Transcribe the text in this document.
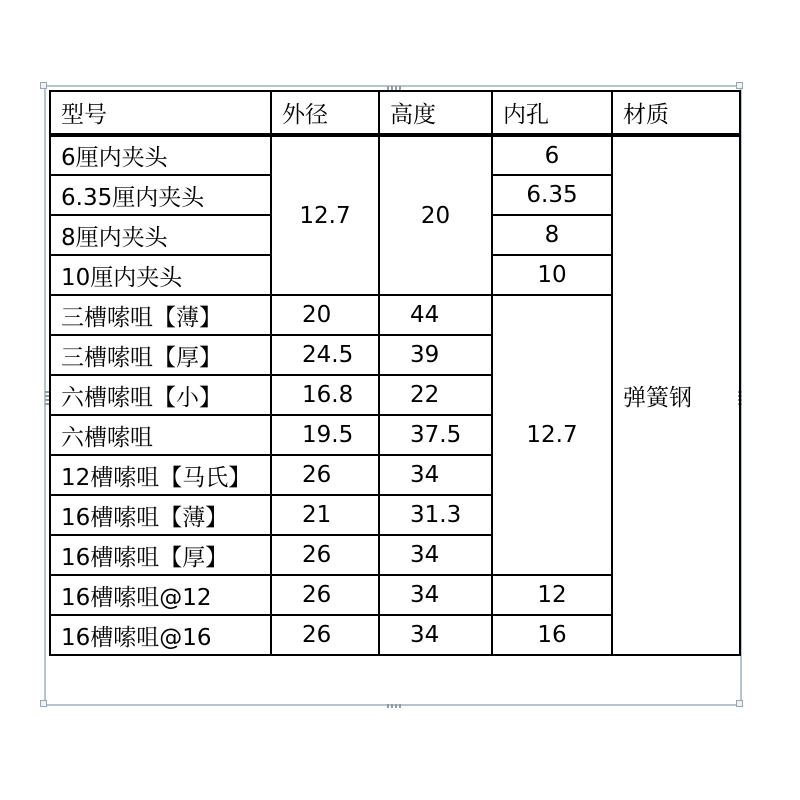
型号	外径	高度	内孔	材质
6厘内夹头	12.7	20	6	弹簧钢
6.35厘内夹头			6.35	
8厘内夹头			8	
10厘内夹头			10	
三槽嗦咀【薄】	20	44	12.7	
三槽嗦咀【厚】	24.5	39		
六槽嗦咀【小】	16.8	22		
六槽嗦咀	19.5	37.5		
12槽嗦咀【马氏】	26	34		
16槽嗦咀【薄】	21	31.3		
16槽嗦咀【厚】	26	34		
16槽嗦咀@12	26	34	12	
16槽嗦咀@16	26	34	16	
